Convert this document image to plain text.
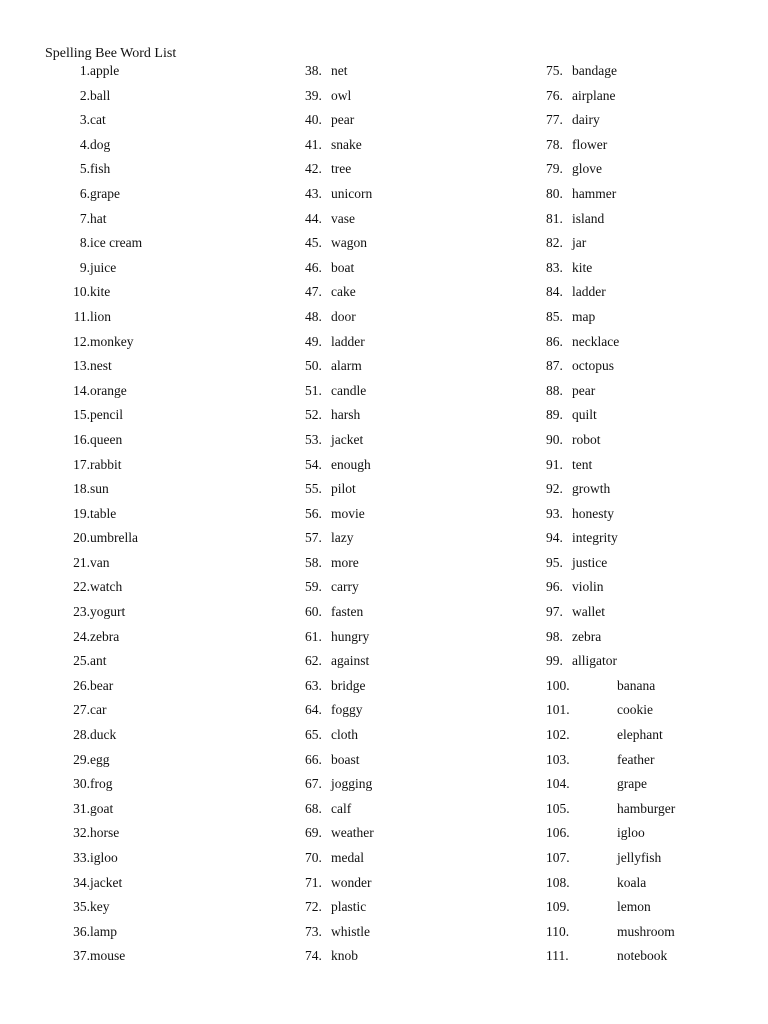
Spelling Bee Word List
1. apple
2. ball
3. cat
4. dog
5. fish
6. grape
7. hat
8. ice cream
9. juice
10. kite
11. lion
12. monkey
13. nest
14. orange
15. pencil
16. queen
17. rabbit
18. sun
19. table
20. umbrella
21. van
22. watch
23. yogurt
24. zebra
25. ant
26. bear
27. car
28. duck
29. egg
30. frog
31. goat
32. horse
33. igloo
34. jacket
35. key
36. lamp
37. mouse
38. net
39. owl
40. pear
41. snake
42. tree
43. unicorn
44. vase
45. wagon
46. boat
47. cake
48. door
49. ladder
50. alarm
51. candle
52. harsh
53. jacket
54. enough
55. pilot
56. movie
57. lazy
58. more
59. carry
60. fasten
61. hungry
62. against
63. bridge
64. foggy
65. cloth
66. boast
67. jogging
68. calf
69. weather
70. medal
71. wonder
72. plastic
73. whistle
74. knob
75. bandage
76. airplane
77. dairy
78. flower
79. glove
80. hammer
81. island
82. jar
83. kite
84. ladder
85. map
86. necklace
87. octopus
88. pear
89. quilt
90. robot
91. tent
92. growth
93. honesty
94. integrity
95. justice
96. violin
97. wallet
98. zebra
99. alligator
100.	banana
101.	cookie
102.	elephant
103.	feather
104.	grape
105.	hamburger
106.	igloo
107.	jellyfish
108.	koala
109.	lemon
110.	mushroom
111.	notebook
